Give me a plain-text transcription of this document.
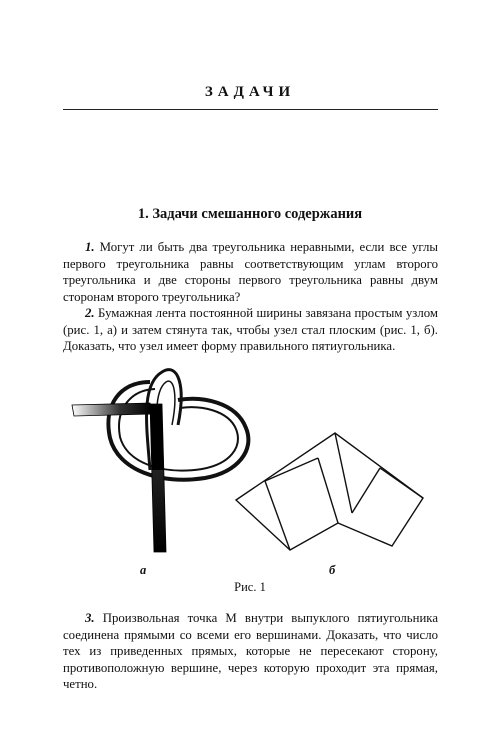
ЗАДАЧИ
1. Задачи смешанного содержания

1. Могут ли быть два треугольника неравными, если все углы первого треугольника равны соответствующим углам второго треугольника и две стороны первого треугольника равны двум сторонам второго треугольника?

2. Бумажная лента постоянной ширины завязана простым узлом (рис. 1, а) и затем стянута так, чтобы узел стал плоским (рис. 1, б). Доказать, что узел имеет форму правильного пятиугольника.

а	б
Рис. 1

3. Произвольная точка M внутри выпуклого пятиугольника соединена прямыми со всеми его вершинами. Доказать, что число тех из приведенных прямых, которые не пересекают сторону, противоположную вершине, через которую проходит эта прямая, четно.
